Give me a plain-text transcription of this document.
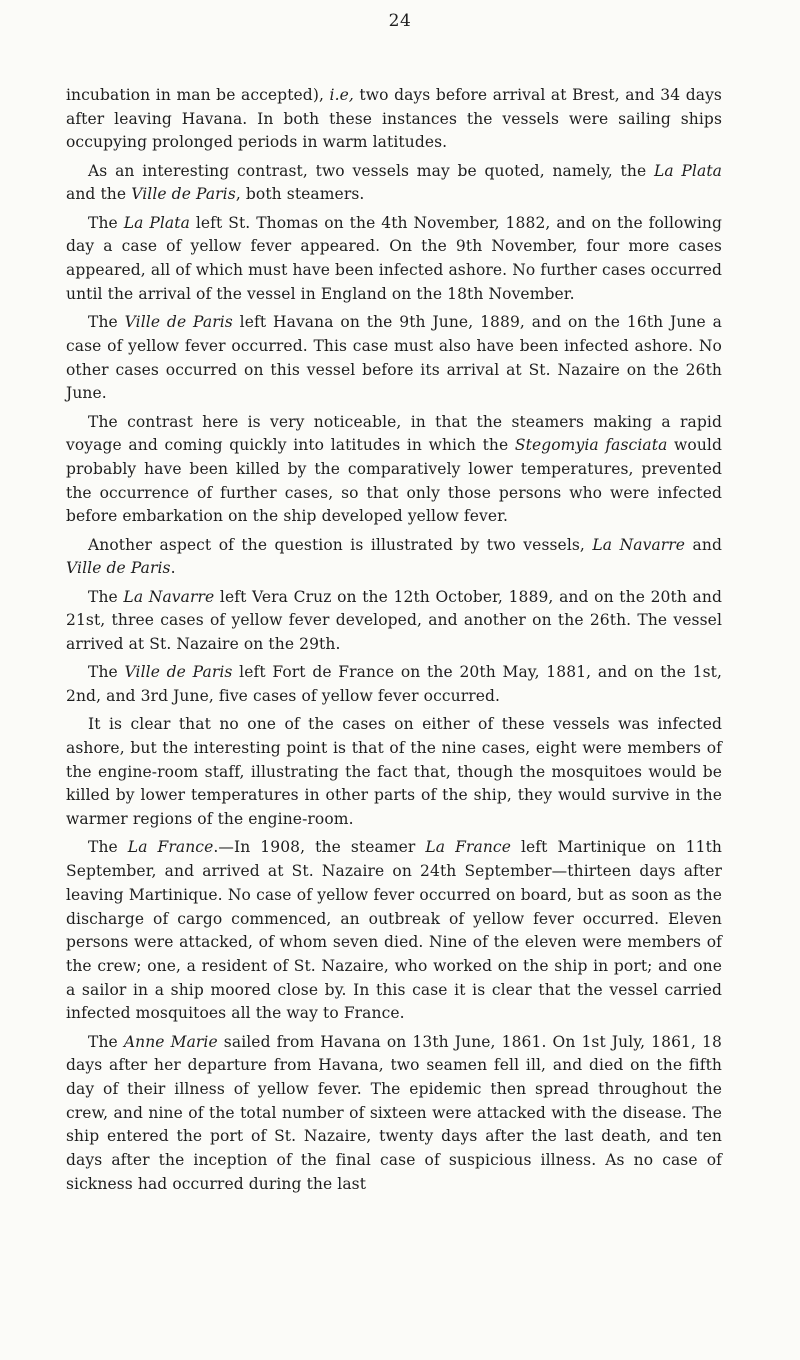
24

incubation in man be accepted), i.e, two days before arrival at Brest, and 34 days after leaving Havana. In both these instances the vessels were sailing ships occupying prolonged periods in warm latitudes.

As an interesting contrast, two vessels may be quoted, namely, the La Plata and the Ville de Paris, both steamers.

The La Plata left St. Thomas on the 4th November, 1882, and on the following day a case of yellow fever appeared. On the 9th November, four more cases appeared, all of which must have been infected ashore. No further cases occurred until the arrival of the vessel in England on the 18th November.

The Ville de Paris left Havana on the 9th June, 1889, and on the 16th June a case of yellow fever occurred. This case must also have been infected ashore. No other cases occurred on this vessel before its arrival at St. Nazaire on the 26th June.

The contrast here is very noticeable, in that the steamers making a rapid voyage and coming quickly into latitudes in which the Stegomyia fasciata would probably have been killed by the comparatively lower temperatures, prevented the occurrence of further cases, so that only those persons who were infected before embarkation on the ship developed yellow fever.

Another aspect of the question is illustrated by two vessels, La Navarre and Ville de Paris.

The La Navarre left Vera Cruz on the 12th October, 1889, and on the 20th and 21st, three cases of yellow fever developed, and another on the 26th. The vessel arrived at St. Nazaire on the 29th.

The Ville de Paris left Fort de France on the 20th May, 1881, and on the 1st, 2nd, and 3rd June, five cases of yellow fever occurred.

It is clear that no one of the cases on either of these vessels was infected ashore, but the interesting point is that of the nine cases, eight were members of the engine-room staff, illustrating the fact that, though the mosquitoes would be killed by lower temperatures in other parts of the ship, they would survive in the warmer regions of the engine-room.

The La France.—In 1908, the steamer La France left Martinique on 11th September, and arrived at St. Nazaire on 24th September—thirteen days after leaving Martinique. No case of yellow fever occurred on board, but as soon as the discharge of cargo commenced, an outbreak of yellow fever occurred. Eleven persons were attacked, of whom seven died. Nine of the eleven were members of the crew; one, a resident of St. Nazaire, who worked on the ship in port; and one a sailor in a ship moored close by. In this case it is clear that the vessel carried infected mosquitoes all the way to France.

The Anne Marie sailed from Havana on 13th June, 1861. On 1st July, 1861, 18 days after her departure from Havana, two seamen fell ill, and died on the fifth day of their illness of yellow fever. The epidemic then spread throughout the crew, and nine of the total number of sixteen were attacked with the disease. The ship entered the port of St. Nazaire, twenty days after the last death, and ten days after the inception of the final case of suspicious illness. As no case of sickness had occurred during the last
